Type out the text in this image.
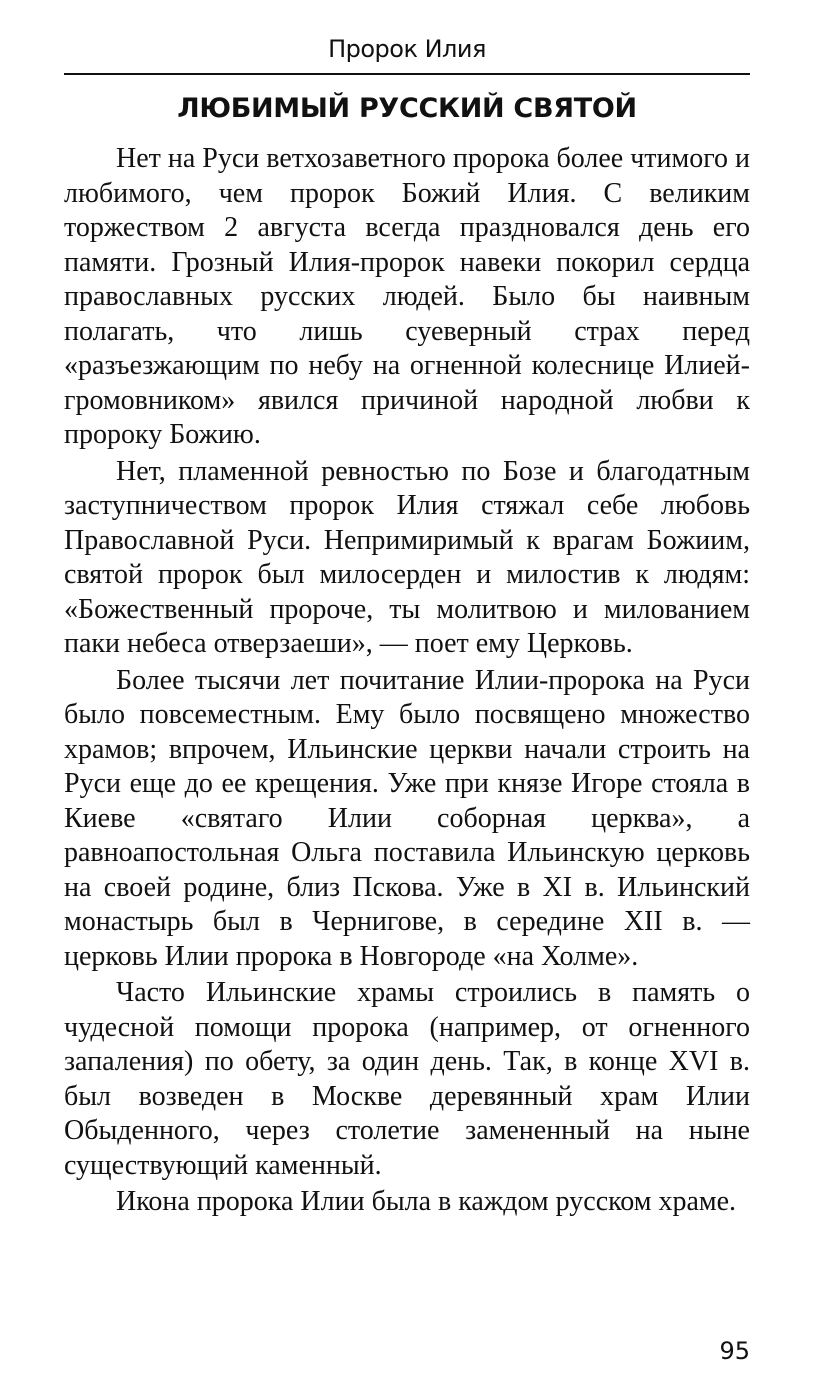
Пророк Илия
ЛЮБИМЫЙ РУССКИЙ СВЯТОЙ

Нет на Руси ветхозаветного пророка более чтимого и любимого, чем пророк Божий Илия. С великим торжеством 2 августа всегда праздновался день его памяти. Грозный Илия-пророк навеки покорил сердца православных русских людей. Было бы наивным полагать, что лишь суеверный страх перед «разъезжающим по небу на огненной колеснице Илией-громовником» явился причиной народной любви к пророку Божию.

Нет, пламенной ревностью по Бозе и благодатным заступничеством пророк Илия стяжал себе любовь Православной Руси. Непримиримый к врагам Божиим, святой пророк был милосерден и милостив к людям: «Божественный пророче, ты молитвою и милованием паки небеса отверзаеши», — поет ему Церковь.

Более тысячи лет почитание Илии-пророка на Руси было повсеместным. Ему было посвящено множество храмов; впрочем, Ильинские церкви начали строить на Руси еще до ее крещения. Уже при князе Игоре стояла в Киеве «святаго Илии соборная церква», а равноапостольная Ольга поставила Ильинскую церковь на своей родине, близ Пскова. Уже в XI в. Ильинский монастырь был в Чернигове, в середине XII в. — церковь Илии пророка в Новгороде «на Холме».

Часто Ильинские храмы строились в память о чудесной помощи пророка (например, от огненного запаления) по обету, за один день. Так, в конце XVI в. был возведен в Москве деревянный храм Илии Обыденного, через столетие замененный на ныне существующий каменный.

Икона пророка Илии была в каждом русском храме.

95
